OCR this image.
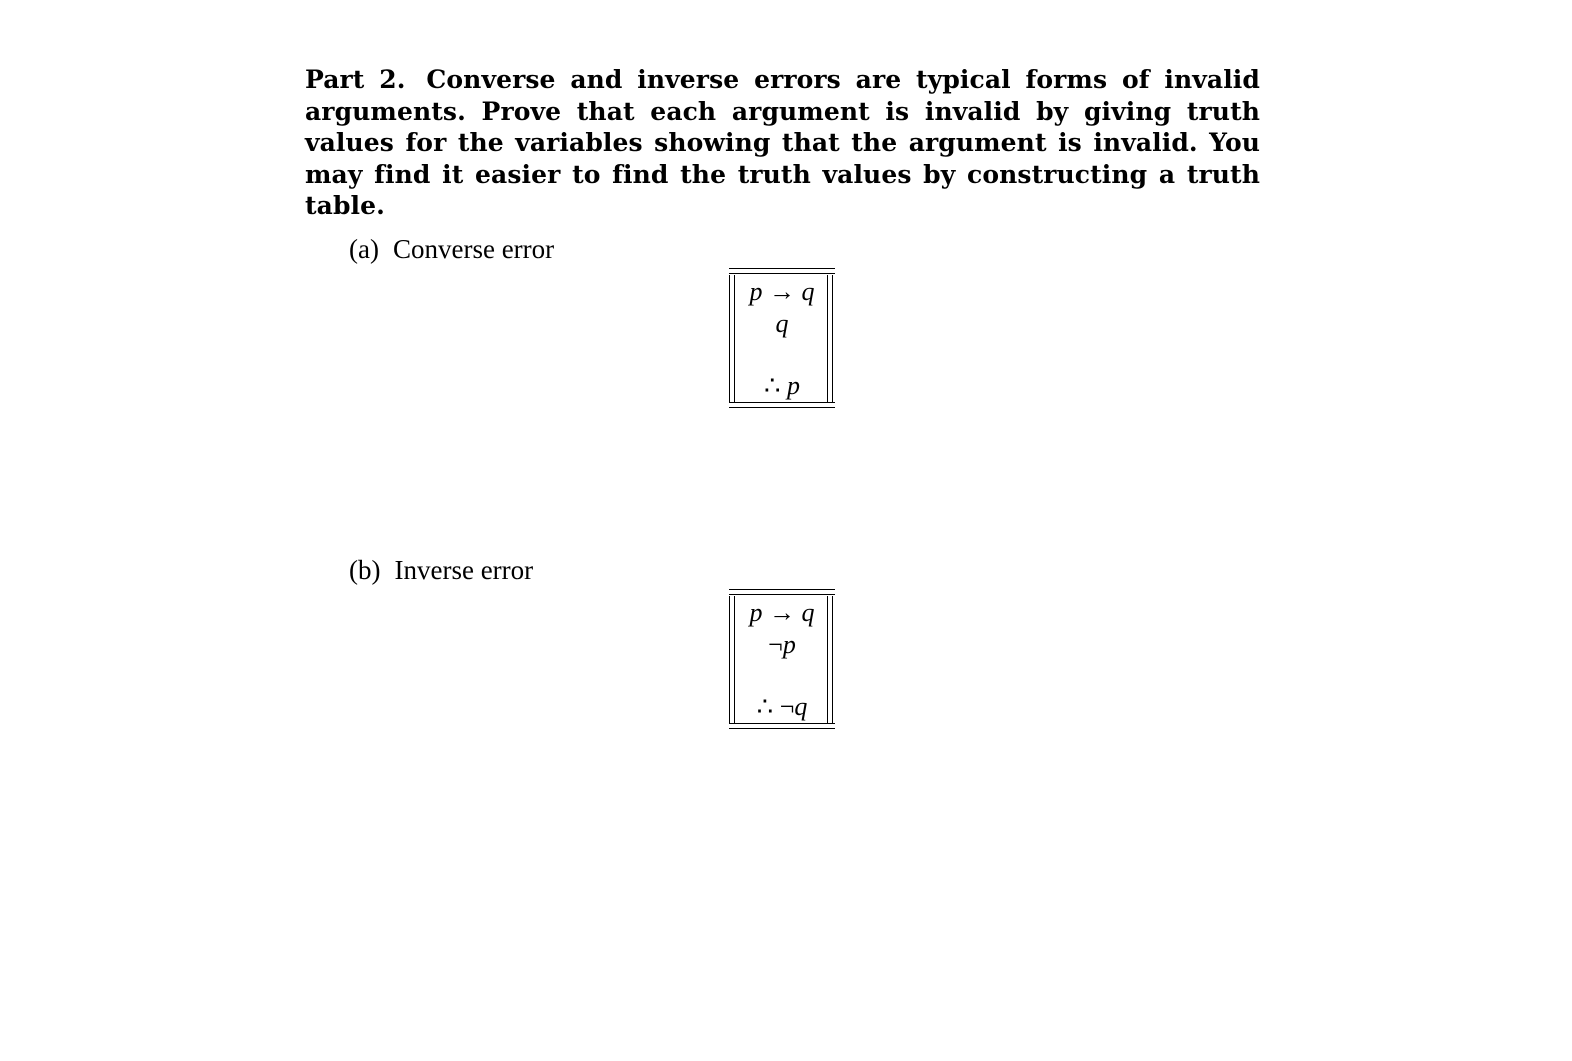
Part 2. Converse and inverse errors are typical forms of invalid arguments. Prove that each argument is invalid by giving truth values for the variables showing that the argument is invalid. You may find it easier to find the truth values by constructing a truth table.
(a) Converse error
p → q
q
∴ p
(b) Inverse error
p → q
¬p
∴ ¬q
